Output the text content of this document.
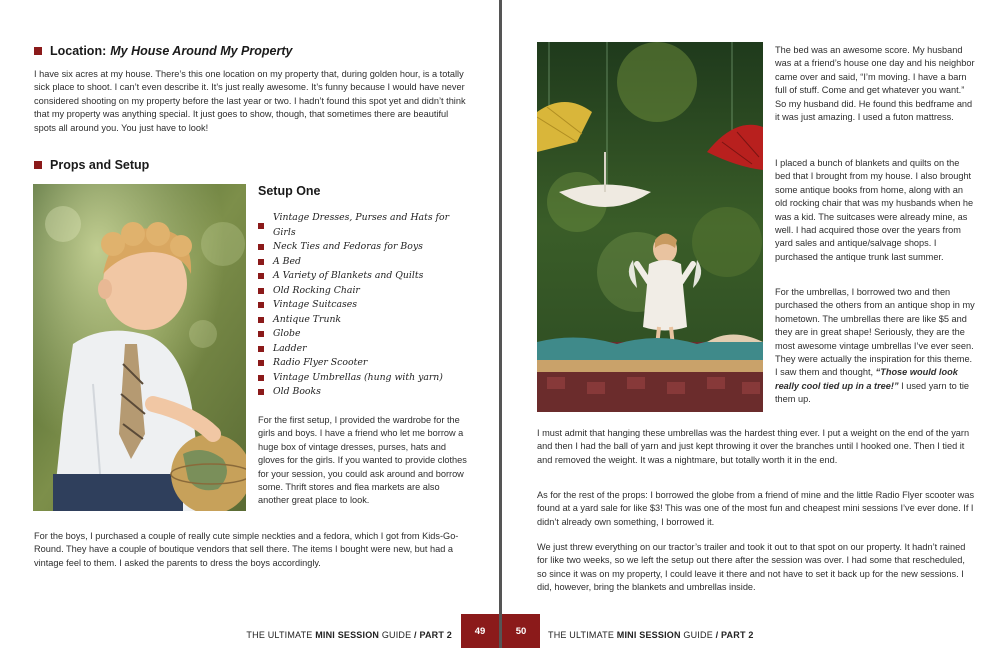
Location: My House Around My Property

I have six acres at my house. There’s this one location on my property that, during golden hour, is a totally sick place to shoot. I can’t even describe it. It’s just really awesome. It’s funny because I would have never considered shooting on my property before the last year or two. I hadn’t found this spot yet and didn’t think that my property was anything special. It just goes to show, though, that sometimes there are beautiful spots all around you. You just have to look!

Props and Setup
Setup One
Vintage Dresses, Purses and Hats for Girls
Neck Ties and Fedoras for Boys
A Bed
A Variety of Blankets and Quilts
Old Rocking Chair
Vintage Suitcases
Antique Trunk
Globe
Ladder
Radio Flyer Scooter
Vintage Umbrellas (hung with yarn)
Old Books

For the first setup, I provided the wardrobe for the girls and boys. I have a friend who let me borrow a huge box of vintage dresses, purses, hats and gloves for the girls. If you wanted to provide clothes for your session, you could ask around and borrow some. Thrift stores and flea markets are also another great place to look.

For the boys, I purchased a couple of really cute simple neckties and a fedora, which I got from Kids-Go-Round. They have a couple of boutique vendors that sell there. The items I bought were new, but had a vintage feel to them. I asked the parents to dress the boys accordingly.

THE ULTIMATE
MINI SESSION
GUIDE
/ PART 2	49

The bed was an awesome score. My husband was at a friend’s house one day and his neighbor came over and said, “I’m moving. I have a barn full of stuff. Come and get whatever you want.” So my husband did. He found this bedframe and it was just amazing. I used a futon mattress.

I placed a bunch of blankets and quilts on the bed that I brought from my house. I also brought some antique books from home, along with an old rocking chair that was my husbands when he was a kid. The suitcases were already mine, as well. I had acquired those over the years from yard sales and antique/salvage shops. I purchased the antique trunk last summer.

For the umbrellas, I borrowed two and then purchased the others from an antique shop in my hometown. The umbrellas there are like $5 and they are in great shape! Seriously, they are the most awesome vintage umbrellas I’ve ever seen. They were actually the inspiration for this theme. I saw them and thought, “Those would look really cool tied up in a tree!” I used yarn to tie them up.

I must admit that hanging these umbrellas was the hardest thing ever. I put a weight on the end of the yarn and then I had the ball of yarn and just kept throwing it over the branches until I hooked one. Then I tied it and removed the weight. It was a nightmare, but totally worth it in the end.

As for the rest of the props: I borrowed the globe from a friend of mine and the little Radio Flyer scooter was found at a yard sale for like $3! This was one of the most fun and cheapest mini sessions I’ve ever done. If I didn’t already own something, I borrowed it.

We just threw everything on our tractor’s trailer and took it out to that spot on our property. It hadn’t rained for like two weeks, so we left the setup out there after the session was over. I had some that rescheduled, so since it was on my property, I could leave it there and not have to set it back up for the new sessions. I did, however, bring the blankets and umbrellas inside.

50	THE ULTIMATE
MINI SESSION
GUIDE
/ PART 2
